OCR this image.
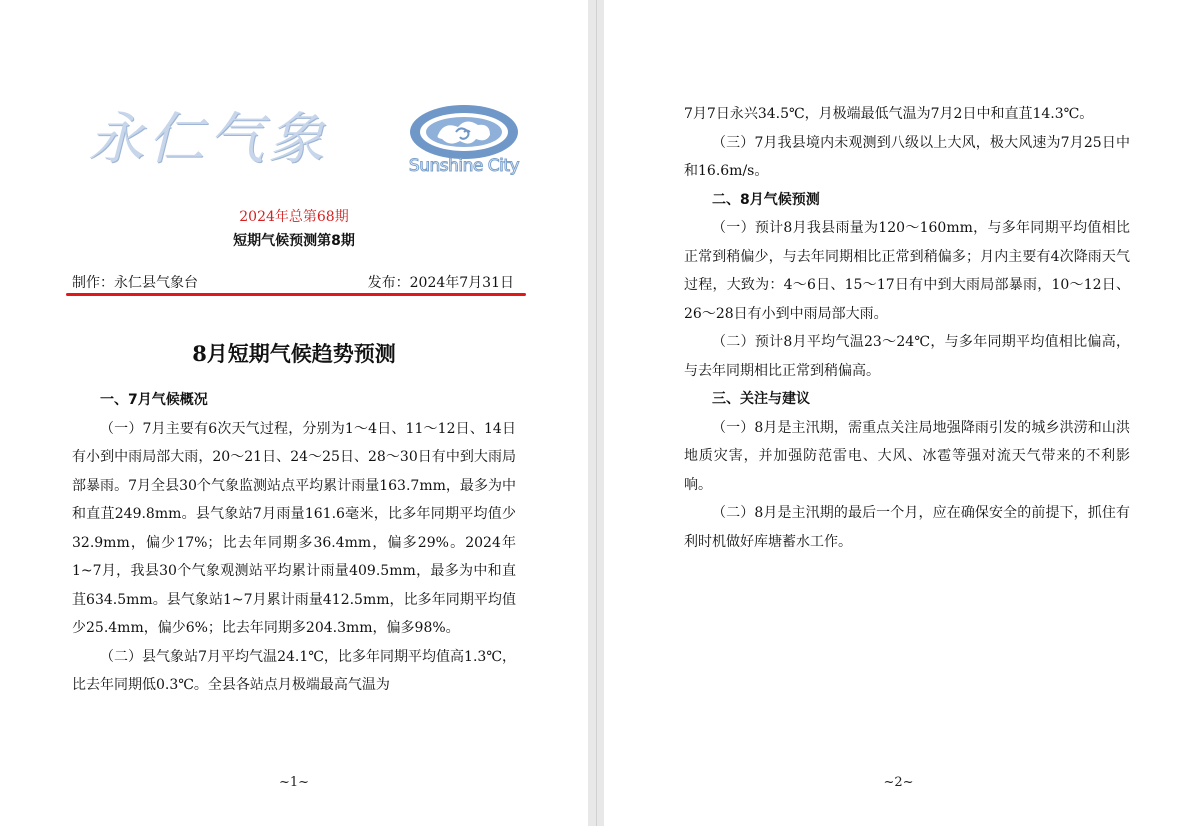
永仁气象	Sunshine City
2024年总第68期
短期气候预测第8期
制作：永仁县气象台	发布：2024年7月31日
8月短期气候趋势预测

一、7月气候概况

（一）7月主要有6次天气过程，分别为1～4日、11～12日、14日有小到中雨局部大雨，20～21日、24～25日、28～30日有中到大雨局部暴雨。7月全县30个气象监测站点平均累计雨量163.7mm，最多为中和直苴249.8mm。县气象站7月雨量161.6毫米，比多年同期平均值少32.9mm，偏少17%；比去年同期多36.4mm，偏多29%。2024年1~7月，我县30个气象观测站平均累计雨量409.5mm，最多为中和直苴634.5mm。县气象站1~7月累计雨量412.5mm，比多年同期平均值少25.4mm，偏少6%；比去年同期多204.3mm，偏多98%。

（二）县气象站7月平均气温24.1℃，比多年同期平均值高1.3℃，比去年同期低0.3℃。全县各站点月极端最高气温为

~1~

7月7日永兴34.5℃，月极端最低气温为7月2日中和直苴14.3℃。

（三）7月我县境内未观测到八级以上大风，极大风速为7月25日中和16.6m/s。

二、8月气候预测

（一）预计8月我县雨量为120～160mm，与多年同期平均值相比正常到稍偏少，与去年同期相比正常到稍偏多；月内主要有4次降雨天气过程，大致为：4～6日、15～17日有中到大雨局部暴雨，10～12日、26～28日有小到中雨局部大雨。

（二）预计8月平均气温23～24℃，与多年同期平均值相比偏高，与去年同期相比正常到稍偏高。

三、关注与建议

（一）8月是主汛期，需重点关注局地强降雨引发的城乡洪涝和山洪地质灾害，并加强防范雷电、大风、冰雹等强对流天气带来的不利影响。

（二）8月是主汛期的最后一个月，应在确保安全的前提下，抓住有利时机做好库塘蓄水工作。

~2~
